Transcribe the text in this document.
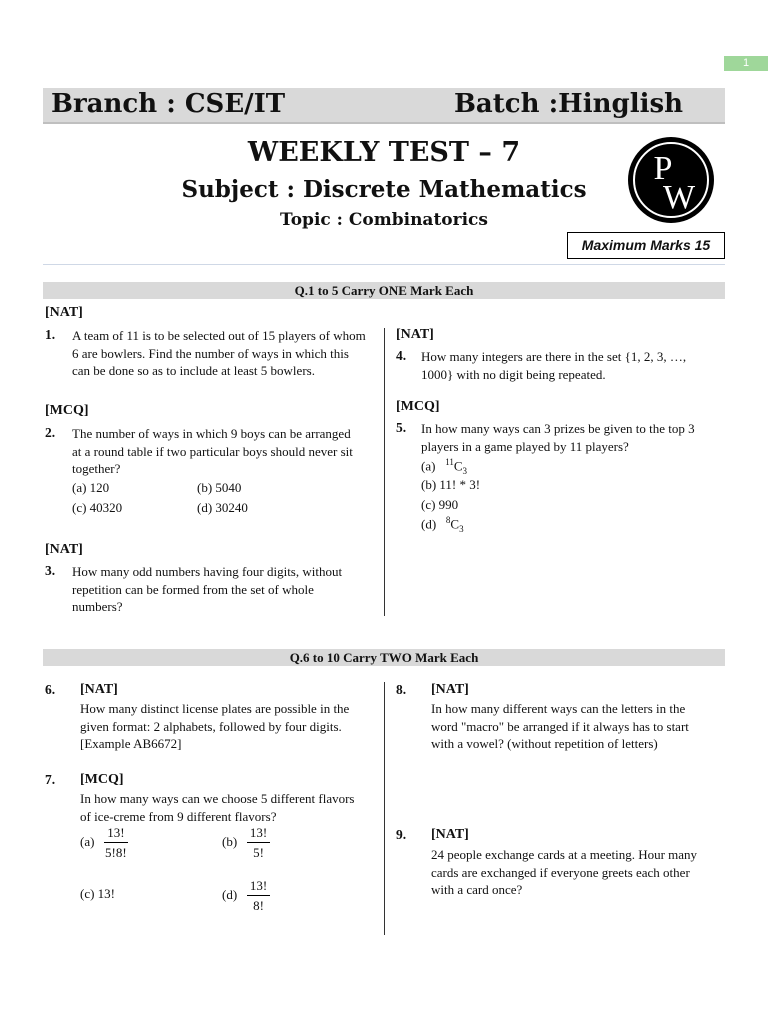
1
Branch : CSE/IT	Batch :Hinglish
WEEKLY TEST – 7
Subject : Discrete Mathematics
Topic : Combinatorics
P
W
Maximum Marks 15
Q.1 to 5 Carry ONE Mark Each
[NAT]
1. A team of 11 is to be selected out of 15 players of whom
6 are bowlers. Find the number of ways in which this
can be done so as to include at least 5 bowlers.
[MCQ]
2. The number of ways in which 9 boys can be arranged
at a round table if two particular boys should never sit
together?
(a) 120	(b) 5040
(c) 40320	(d) 30240
[NAT]
3. How many odd numbers having four digits, without
repetition can be formed from the set of whole
numbers?
[NAT]
4. How many integers are there in the set {1, 2, 3, …,
1000} with no digit being repeated.
[MCQ]
5. In how many ways can 3 prizes be given to the top 3
players in a game played by 11 players?
(a) $^{11}C_3$
(b) 11! * 3!
(c) 990
(d) $^8C_3$
Q.6 to 10 Carry TWO Mark Each
6. [NAT]
How many distinct license plates are possible in the
given format: 2 alphabets, followed by four digits.
[Example AB6672]
7. [MCQ]
In how many ways can we choose 5 different flavors
of ice-creme from 9 different flavors?
$(a) \frac{13!}{5!8!}$	$(b) \frac{13!}{5!}$
(c) 13!	$(d) \frac{13!}{8!}$
8. [NAT]
In how many different ways can the letters in the
word "macro" be arranged if it always has to start
with a vowel? (without repetition of letters)
9. [NAT]
24 people exchange cards at a meeting. Hour many
cards are exchanged if everyone greets each other
with a card once?
